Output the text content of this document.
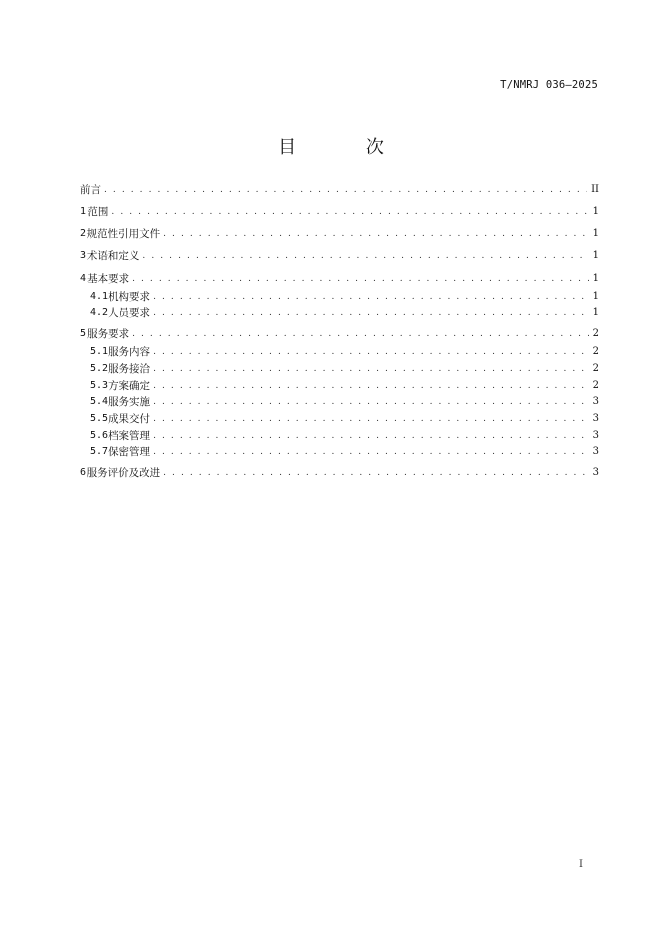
T/NMRJ 036—2025
目 次
前言 . . .	II
1 范围 . . .	1
2 规范性引用文件 . . .	1
3 术语和定义 . . .	1
4 基本要求 . . .	1
4.1 机构要求 . . .	1
4.2 人员要求 . . .	1
5 服务要求 . . .	2
5.1 服务内容 . . .	2
5.2 服务接洽 . . .	2
5.3 方案确定 . . .	2
5.4 服务实施 . . .	3
5.5 成果交付 . . .	3
5.6 档案管理 . . .	3
5.7 保密管理 . . .	3
6 服务评价及改进 . . .	3
I
